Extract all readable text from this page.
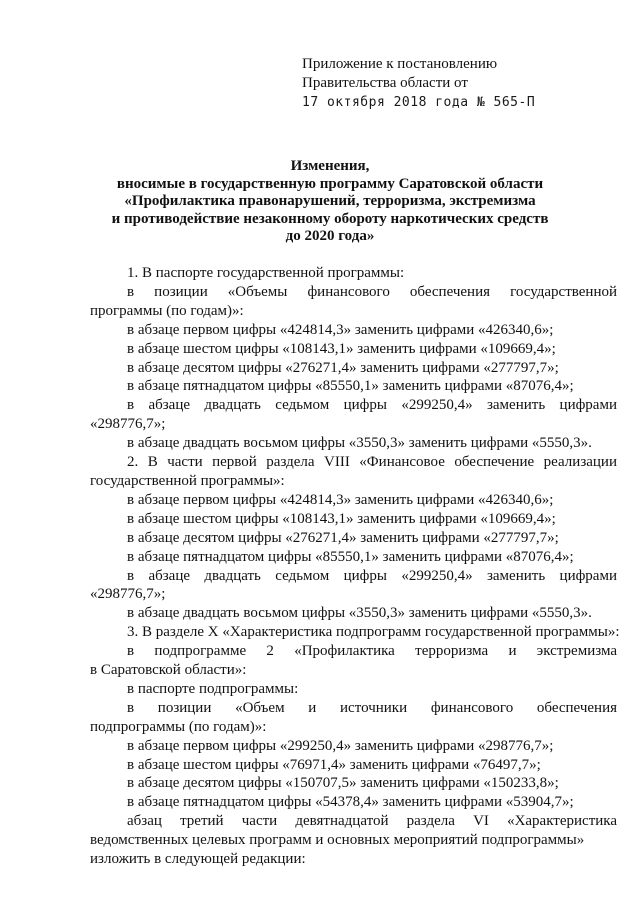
Приложение к постановлению
Правительства области от
17 октября 2018 года № 565-П
Изменения,
вносимые в государственную программу Саратовской области
«Профилактика правонарушений, терроризма, экстремизма
и противодействие незаконному обороту наркотических средств
до 2020 года»

1. В паспорте государственной программы:

в позиции «Объемы финансового обеспечения государственной

программы (по годам)»:

в абзаце первом цифры «424814,3» заменить цифрами «426340,6»;

в абзаце шестом цифры «108143,1» заменить цифрами «109669,4»;

в абзаце десятом цифры «276271,4» заменить цифрами «277797,7»;

в абзаце пятнадцатом цифры «85550,1» заменить цифрами «87076,4»;

в абзаце двадцать седьмом цифры «299250,4» заменить цифрами

«298776,7»;

в абзаце двадцать восьмом цифры «3550,3» заменить цифрами «5550,3».

2. В части первой раздела VIII «Финансовое обеспечение реализации

государственной программы»:

в абзаце первом цифры «424814,3» заменить цифрами «426340,6»;

в абзаце шестом цифры «108143,1» заменить цифрами «109669,4»;

в абзаце десятом цифры «276271,4» заменить цифрами «277797,7»;

в абзаце пятнадцатом цифры «85550,1» заменить цифрами «87076,4»;

в абзаце двадцать седьмом цифры «299250,4» заменить цифрами

«298776,7»;

в абзаце двадцать восьмом цифры «3550,3» заменить цифрами «5550,3».

3. В разделе X «Характеристика подпрограмм государственной программы»:

в подпрограмме 2 «Профилактика терроризма и экстремизма

в Саратовской области»:

в паспорте подпрограммы:

в позиции «Объем и источники финансового обеспечения

подпрограммы (по годам)»:

в абзаце первом цифры «299250,4» заменить цифрами «298776,7»;

в абзаце шестом цифры «76971,4» заменить цифрами «76497,7»;

в абзаце десятом цифры «150707,5» заменить цифрами «150233,8»;

в абзаце пятнадцатом цифры «54378,4» заменить цифрами «53904,7»;

абзац третий части девятнадцатой раздела VI «Характеристика

ведомственных целевых программ и основных мероприятий подпрограммы»

изложить в следующей редакции:
